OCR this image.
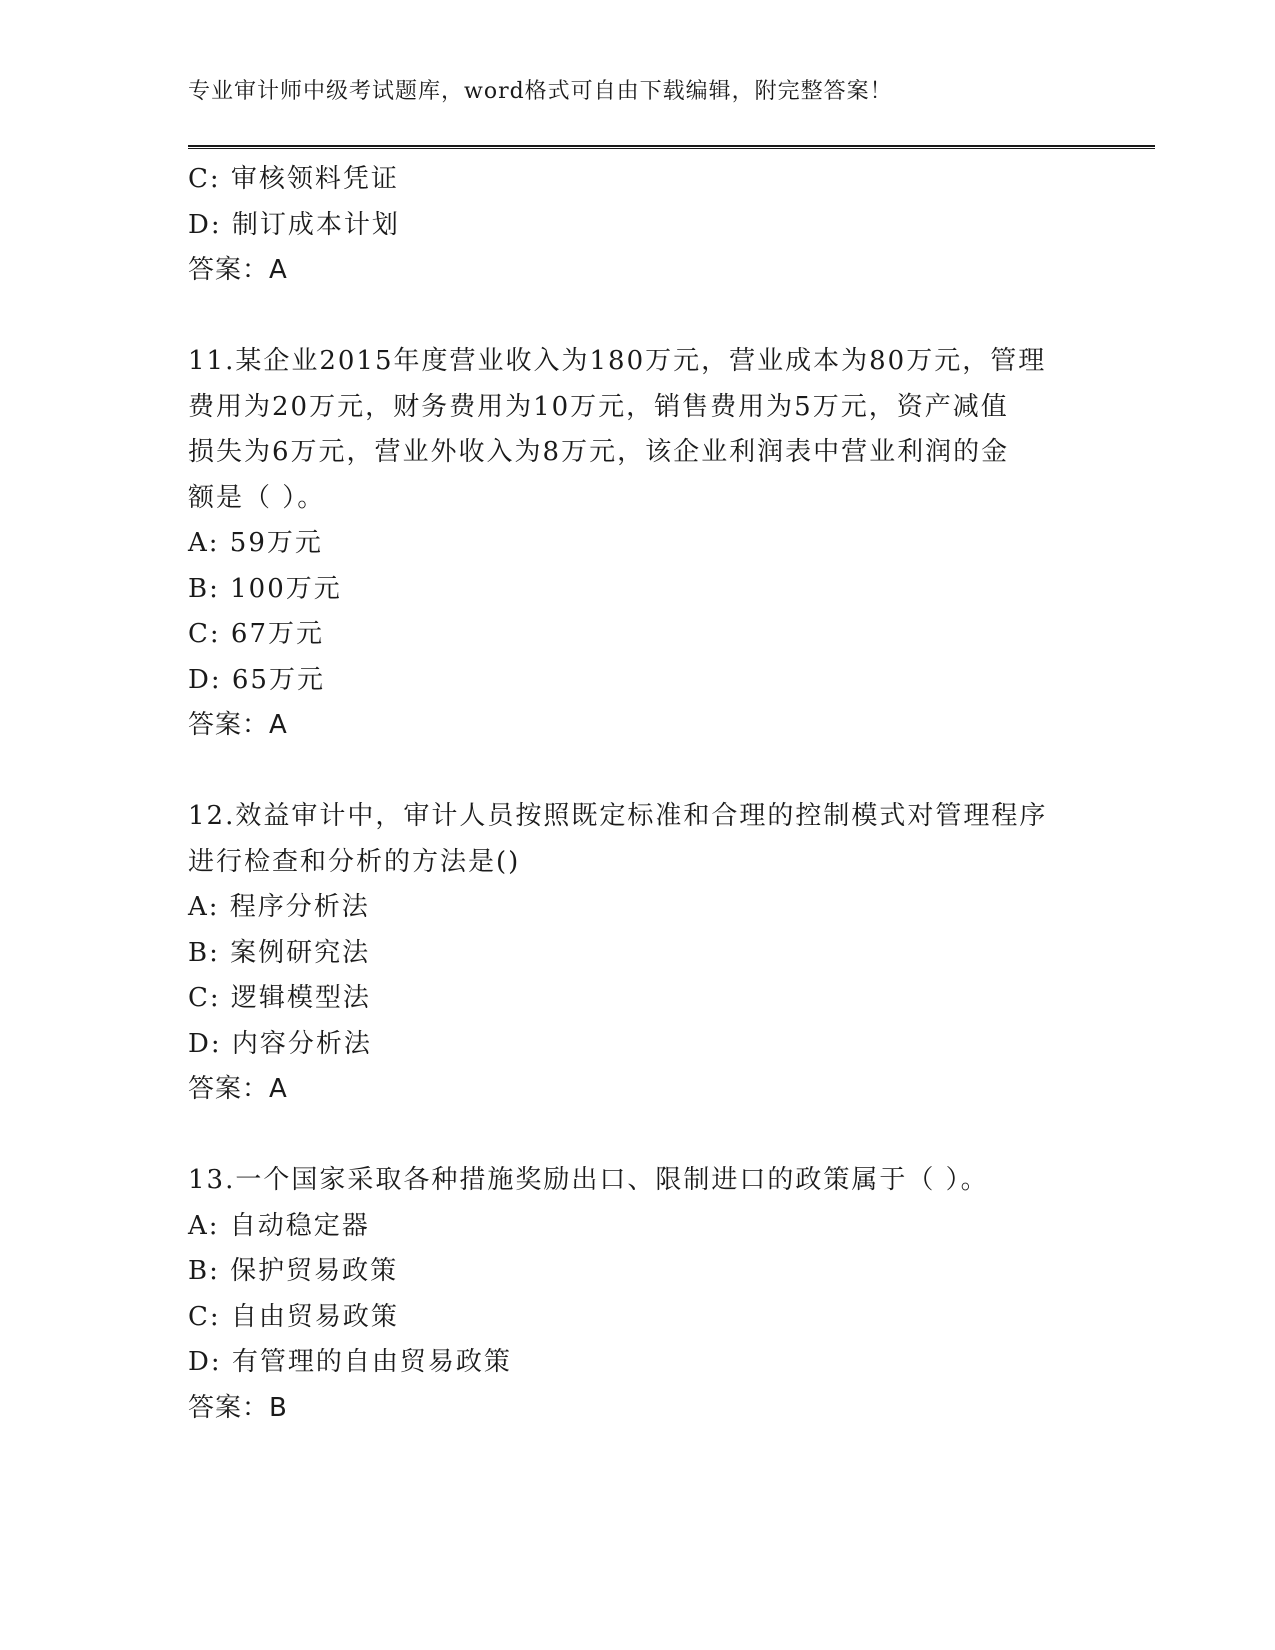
专业审计师中级考试题库，word格式可自由下载编辑，附完整答案！
C: 审核领料凭证
D: 制订成本计划
答案：A
11.某企业2015年度营业收入为180万元，营业成本为80万元，管理
费用为20万元，财务费用为10万元，销售费用为5万元，资产减值
损失为6万元，营业外收入为8万元，该企业利润表中营业利润的金
额是（ ）。
A: 59万元
B: 100万元
C: 67万元
D: 65万元
答案：A
12.效益审计中，审计人员按照既定标准和合理的控制模式对管理程序
进行检查和分析的方法是()
A: 程序分析法
B: 案例研究法
C: 逻辑模型法
D: 内容分析法
答案：A
13.一个国家采取各种措施奖励出口、限制进口的政策属于（ ）。
A: 自动稳定器
B: 保护贸易政策
C: 自由贸易政策
D: 有管理的自由贸易政策
答案：B
